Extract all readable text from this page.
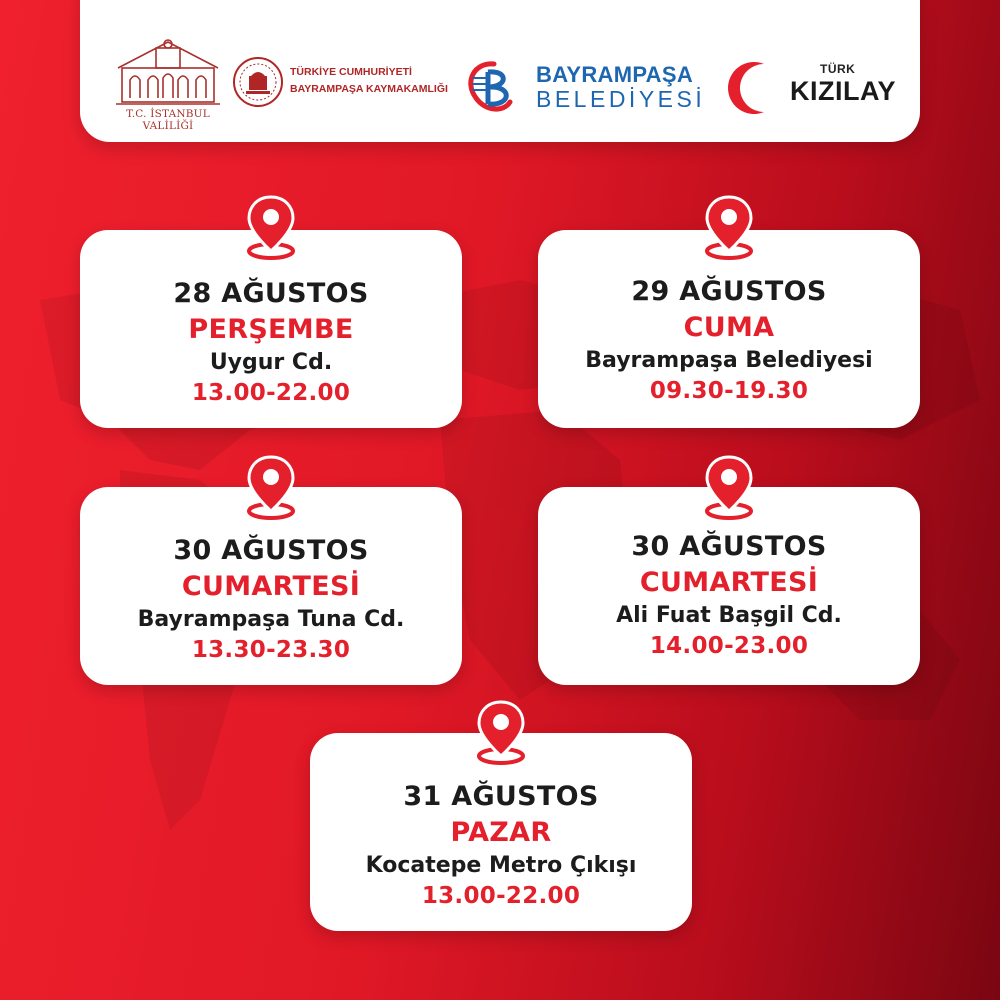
T.C. İSTANBUL VALİLİĞİ
TÜRKİYE CUMHURİYETİ
BAYRAMPAŞA KAYMAKAMLIĞI
BAYRAMPAŞA
BELEDİYESİ
TÜRK
KIZILAY
28 AĞUSTOS
PERŞEMBE
Uygur Cd.
13.00-22.00
29 AĞUSTOS
CUMA
Bayrampaşa Belediyesi
09.30-19.30
30 AĞUSTOS
CUMARTESİ
Bayrampaşa Tuna Cd.
13.30-23.30
30 AĞUSTOS
CUMARTESİ
Ali Fuat Başgil Cd.
14.00-23.00
31 AĞUSTOS
PAZAR
Kocatepe Metro Çıkışı
13.00-22.00
